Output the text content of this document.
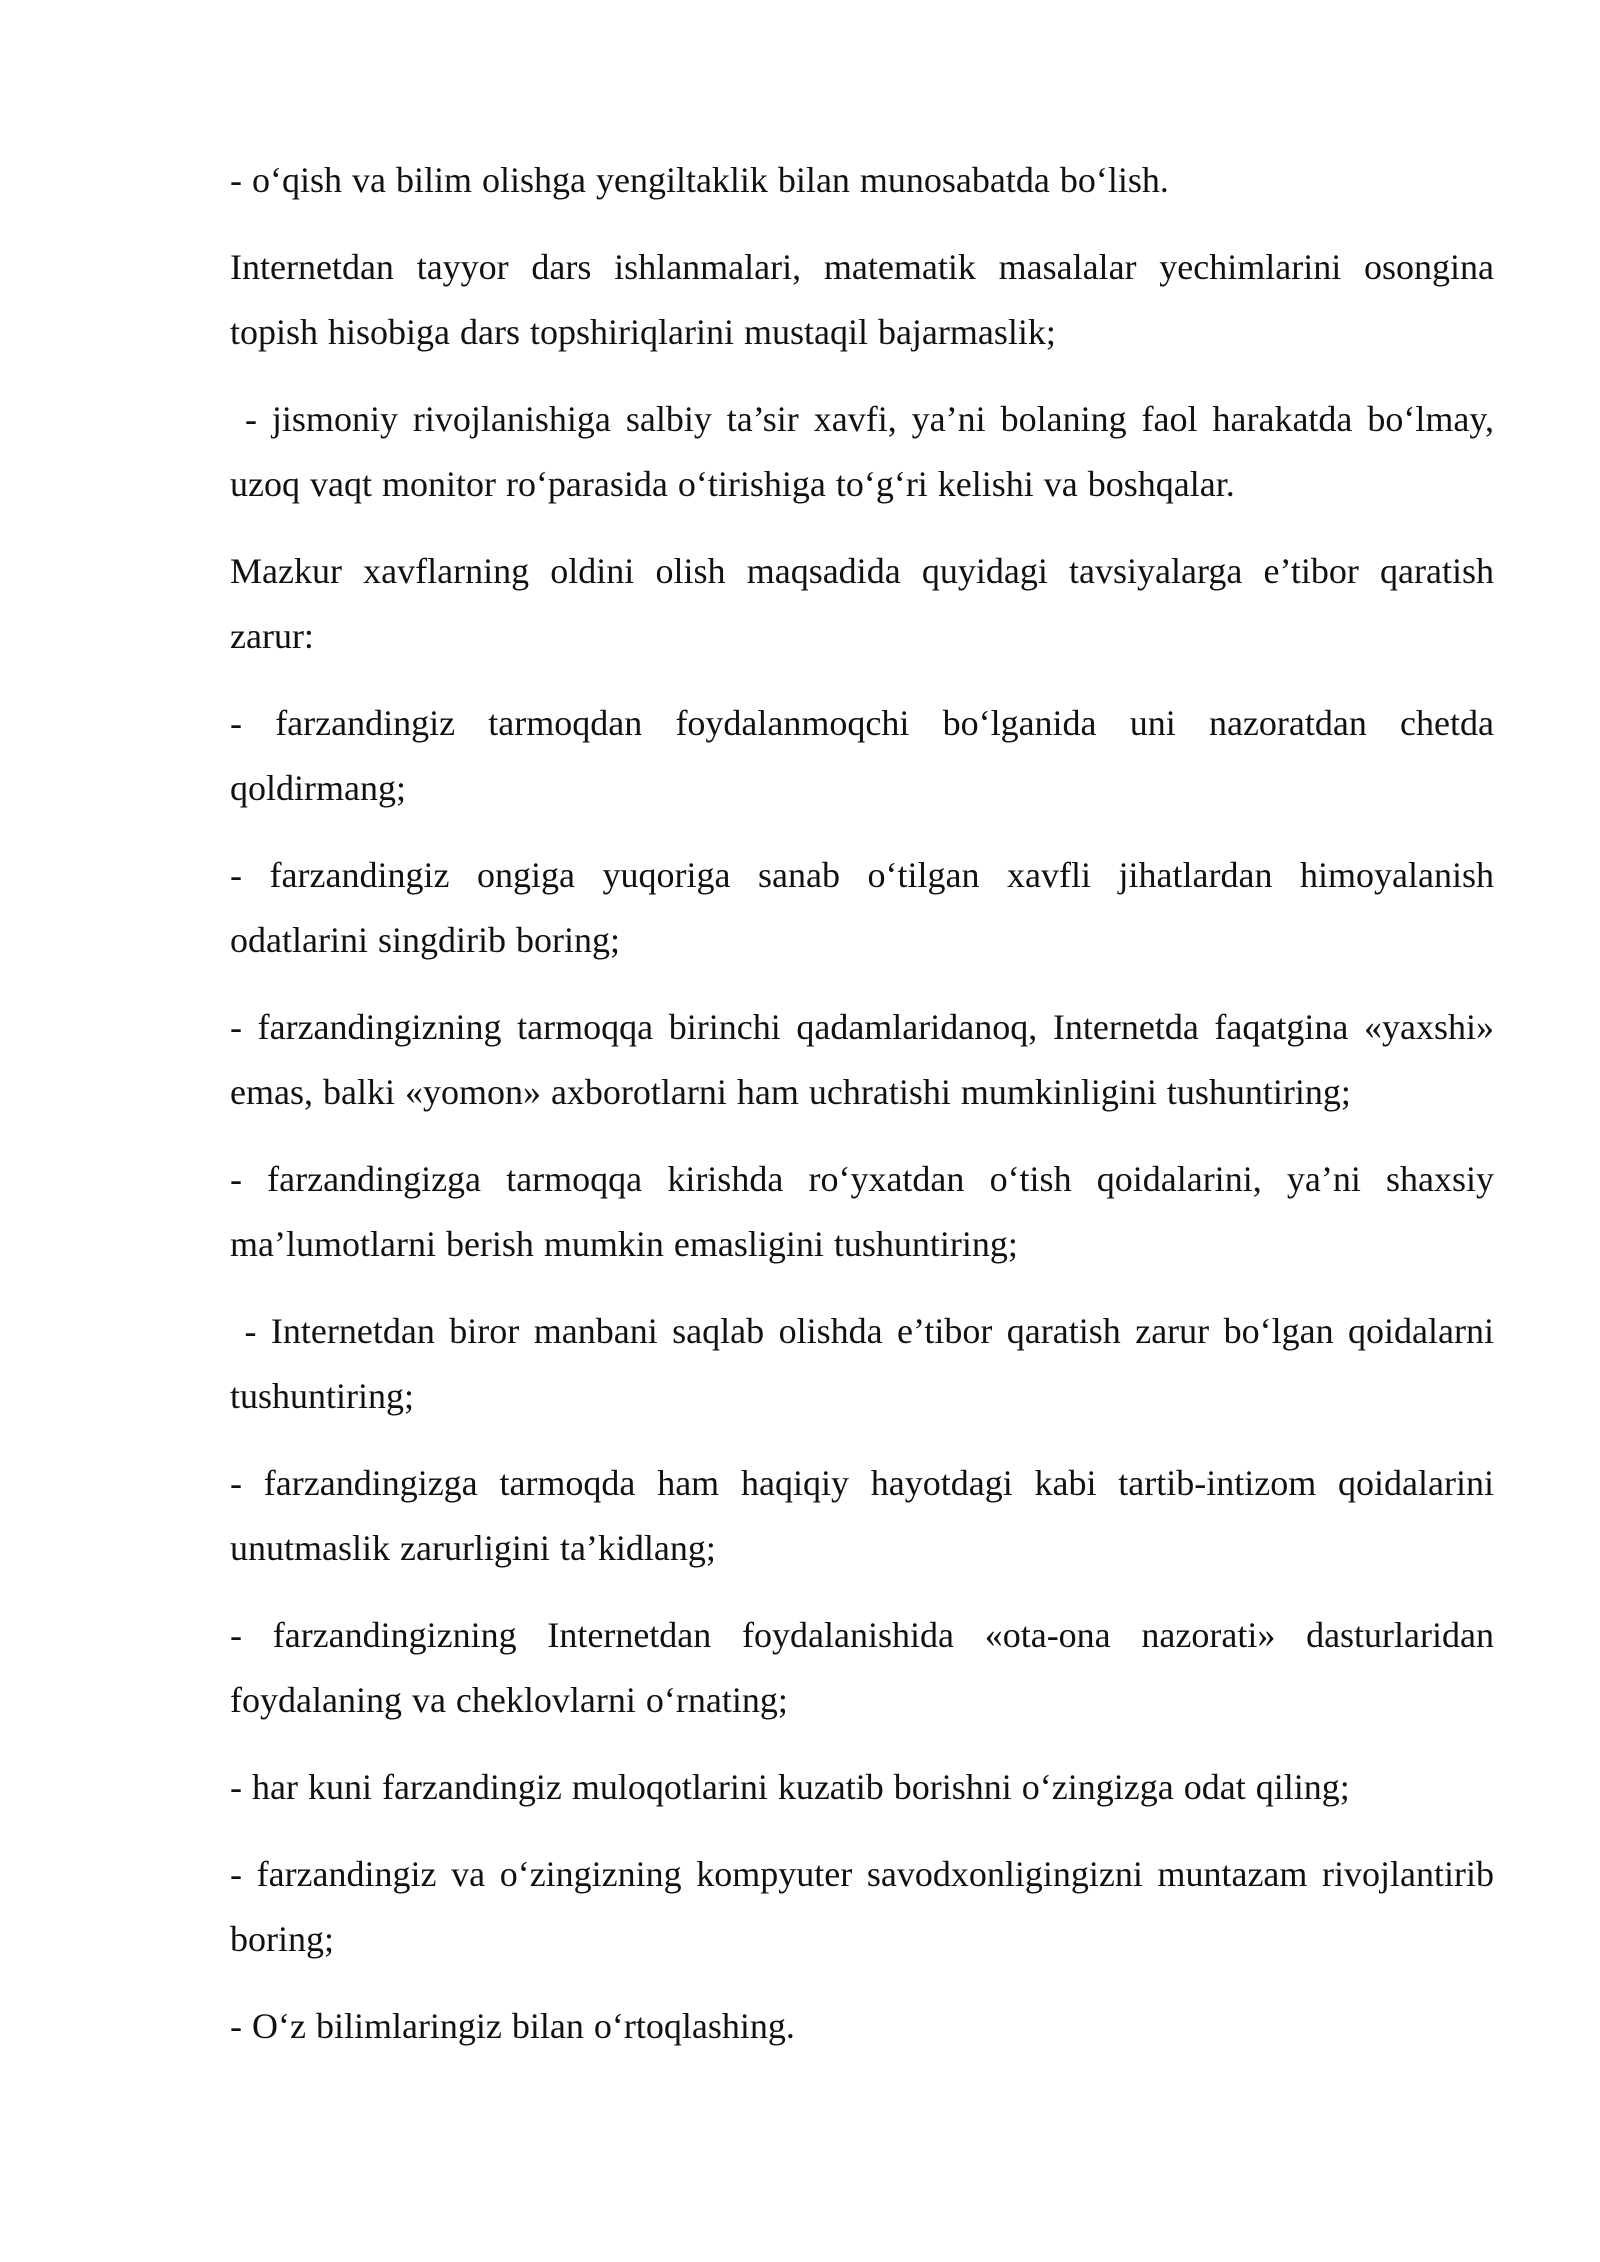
- o‘qish va bilim olishga yengiltaklik bilan munosabatda bo‘lish.

Internetdan tayyor dars ishlanmalari, matematik masalalar yechimlarini osongina topish hisobiga dars topshiriqlarini mustaqil bajarmaslik;

- jismoniy rivojlanishiga salbiy ta’sir xavfi, ya’ni bolaning faol harakatda bo‘lmay, uzoq vaqt monitor ro‘parasida o‘tirishiga to‘g‘ri kelishi va boshqalar.

Mazkur xavflarning oldini olish maqsadida quyidagi tavsiyalarga e’tibor qaratish zarur:

- farzandingiz tarmoqdan foydalanmoqchi bo‘lganida uni nazoratdan chetda qoldirmang;

- farzandingiz ongiga yuqoriga sanab o‘tilgan xavfli jihatlardan himoyalanish odatlarini singdirib boring;

- farzandingizning tarmoqqa birinchi qadamlaridanoq, Internetda faqatgina «yaxshi» emas, balki «yomon» axborotlarni ham uchratishi mumkinligini tushuntiring;

- farzandingizga tarmoqqa kirishda ro‘yxatdan o‘tish qoidalarini, ya’ni shaxsiy ma’lumotlarni berish mumkin emasligini tushuntiring;

- Internetdan biror manbani saqlab olishda e’tibor qaratish zarur bo‘lgan qoidalarni tushuntiring;

- farzandingizga tarmoqda ham haqiqiy hayotdagi kabi tartib-intizom qoidalarini unutmaslik zarurligini ta’kidlang;

- farzandingizning Internetdan foydalanishida «ota-ona nazorati» dasturlaridan foydalaning va cheklovlarni o‘rnating;

- har kuni farzandingiz muloqotlarini kuzatib borishni o‘zingizga odat qiling;

- farzandingiz va o‘zingizning kompyuter savodxonligingizni muntazam rivojlantirib boring;

- O‘z bilimlaringiz bilan o‘rtoqlashing.
